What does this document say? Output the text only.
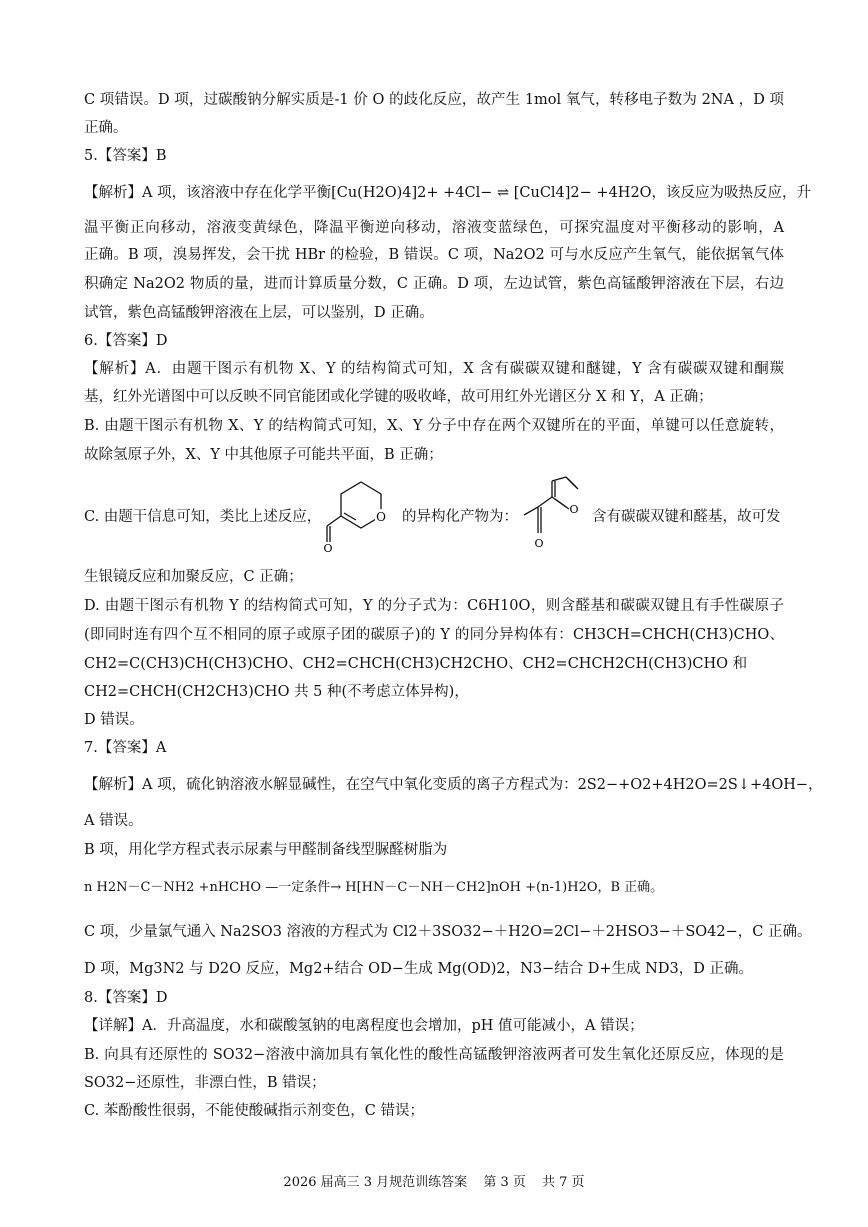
C 项错误。D 项，过碳酸钠分解实质是-1 价 O 的歧化反应，故产生 1mol 氧气，转移电子数为 2NA ，D 项
正确。
5.【答案】B
【解析】A 项，该溶液中存在化学平衡[Cu(H2O)4]2+ +4Cl− ⇌ [CuCl4]2− +4H2O，该反应为吸热反应，升
温平衡正向移动，溶液变黄绿色，降温平衡逆向移动，溶液变蓝绿色，可探究温度对平衡移动的影响，A
正确。B 项，溴易挥发，会干扰 HBr 的检验，B 错误。C 项，Na2O2 可与水反应产生氧气，能依据氧气体
积确定 Na2O2 物质的量，进而计算质量分数，C 正确。D 项，左边试管，紫色高锰酸钾溶液在下层，右边
试管，紫色高锰酸钾溶液在上层，可以鉴别，D 正确。
6.【答案】D
【解析】A．由题干图示有机物 X、Y 的结构简式可知，X 含有碳碳双键和醚键，Y 含有碳碳双键和酮羰
基，红外光谱图中可以反映不同官能团或化学键的吸收峰，故可用红外光谱区分 X 和 Y，A 正确；
B. 由题干图示有机物 X、Y 的结构简式可知，X、Y 分子中存在两个双键所在的平面，单键可以任意旋转，
故除氢原子外，X、Y 中其他原子可能共平面，B 正确；
C. 由题干信息可知，类比上述反应，	O
O
的异构化产物为：
O
O 含有碳碳双键和醛基，故可发
生银镜反应和加聚反应，C 正确；
D. 由题干图示有机物 Y 的结构简式可知，Y 的分子式为：C6H10O，则含醛基和碳碳双键且有手性碳原子
(即同时连有四个互不相同的原子或原子团的碳原子)的 Y 的同分异构体有：CH3CH=CHCH(CH3)CHO、
CH2=C(CH3)CH(CH3)CHO、CH2=CHCH(CH3)CH2CHO、CH2=CHCH2CH(CH3)CHO 和
CH2=CHCH(CH2CH3)CHO 共 5 种(不考虑立体异构)，
D 错误。
7.【答案】A
【解析】A 项，硫化钠溶液水解显碱性，在空气中氧化变质的离子方程式为：2S2−+O2+4H2O=2S↓+4OH−，
A 错误。
B 项，用化学方程式表示尿素与甲醛制备线型脲醛树脂为
n H2N－C－NH2 +nHCHO —一定条件→ H[HN－C－NH－CH2]nOH +(n-1)H2O，B 正确。
C 项，少量氯气通入 Na2SO3 溶液的方程式为 Cl2＋3SO32−＋H2O=2Cl−＋2HSO3−＋SO42−，C 正确。
D 项，Mg3N2 与 D2O 反应，Mg2+结合 OD−生成 Mg(OD)2，N3−结合 D+生成 ND3，D 正确。
8.【答案】D
【详解】A．升高温度，水和碳酸氢钠的电离程度也会增加，pH 值可能减小，A 错误；
B. 向具有还原性的 SO32−溶液中滴加具有氧化性的酸性高锰酸钾溶液两者可发生氧化还原反应，体现的是
SO32−还原性，非漂白性，B 错误；
C. 苯酚酸性很弱，不能使酸碱指示剂变色，C 错误；
2026 届高三 3 月规范训练答案 第 3 页 共 7 页
